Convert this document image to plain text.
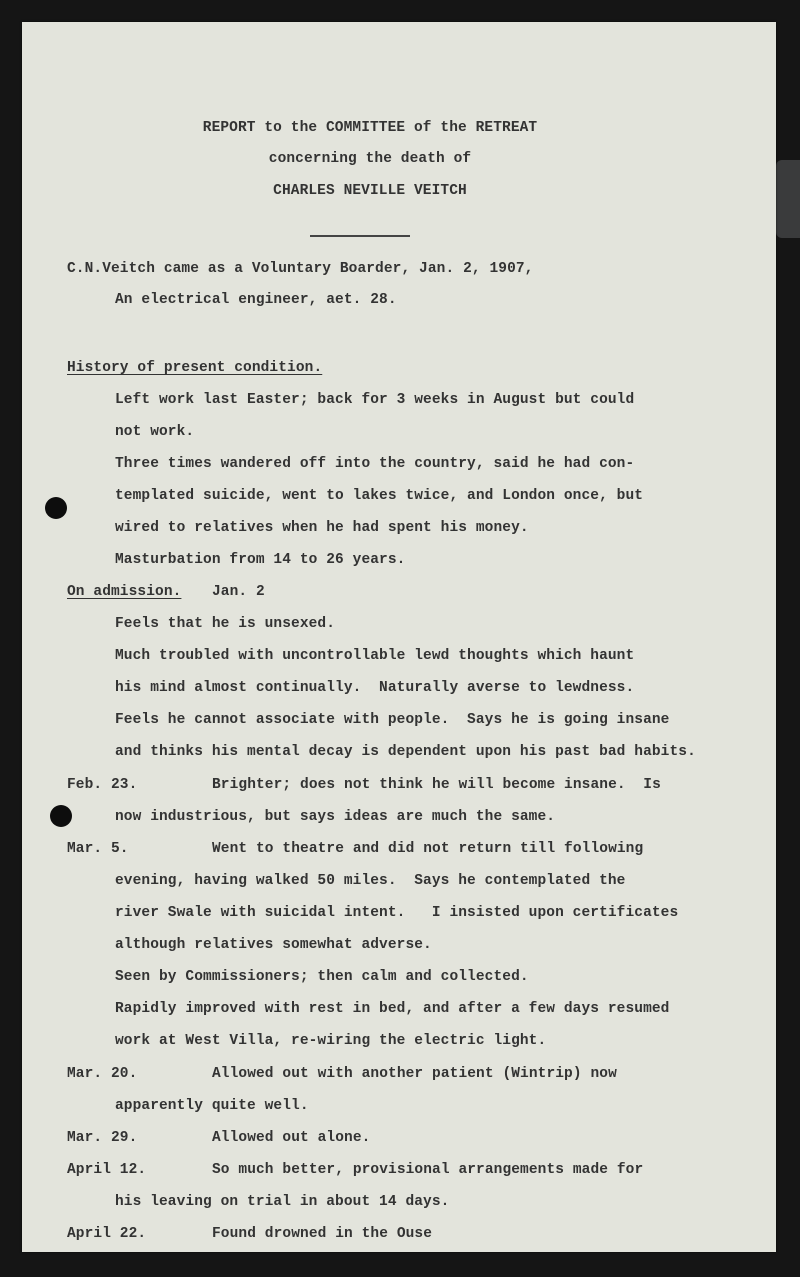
REPORT to the COMMITTEE of the RETREAT
concerning the death of
CHARLES NEVILLE VEITCH
C.N.Veitch came as a Voluntary Boarder, Jan. 2, 1907,
An electrical engineer, aet. 28.
History of present condition.
Left work last Easter; back for 3 weeks in August but could
not work.
Three times wandered off into the country, said he had con-
templated suicide, went to lakes twice, and London once, but
wired to relatives when he had spent his money.
Masturbation from 14 to 26 years.
On admission. Jan. 2
Feels that he is unsexed.
Much troubled with uncontrollable lewd thoughts which haunt
his mind almost continually.  Naturally averse to lewdness.
Feels he cannot associate with people.  Says he is going insane
and thinks his mental decay is dependent upon his past bad habits.
Feb. 23.	Brighter; does not think he will become insane.  Is
now industrious, but says ideas are much the same.
Mar. 5.	Went to theatre and did not return till following
evening, having walked 50 miles.  Says he contemplated the
river Swale with suicidal intent.   I insisted upon certificates
although relatives somewhat adverse.
Seen by Commissioners; then calm and collected.
Rapidly improved with rest in bed, and after a few days resumed
work at West Villa, re-wiring the electric light.
Mar. 20.	Allowed out with another patient (Wintrip) now
apparently quite well.
Mar. 29.	Allowed out alone.
April 12.	So much better, provisional arrangements made for
his leaving on trial in about 14 days.
April 22.	Found drowned in the Ouse
